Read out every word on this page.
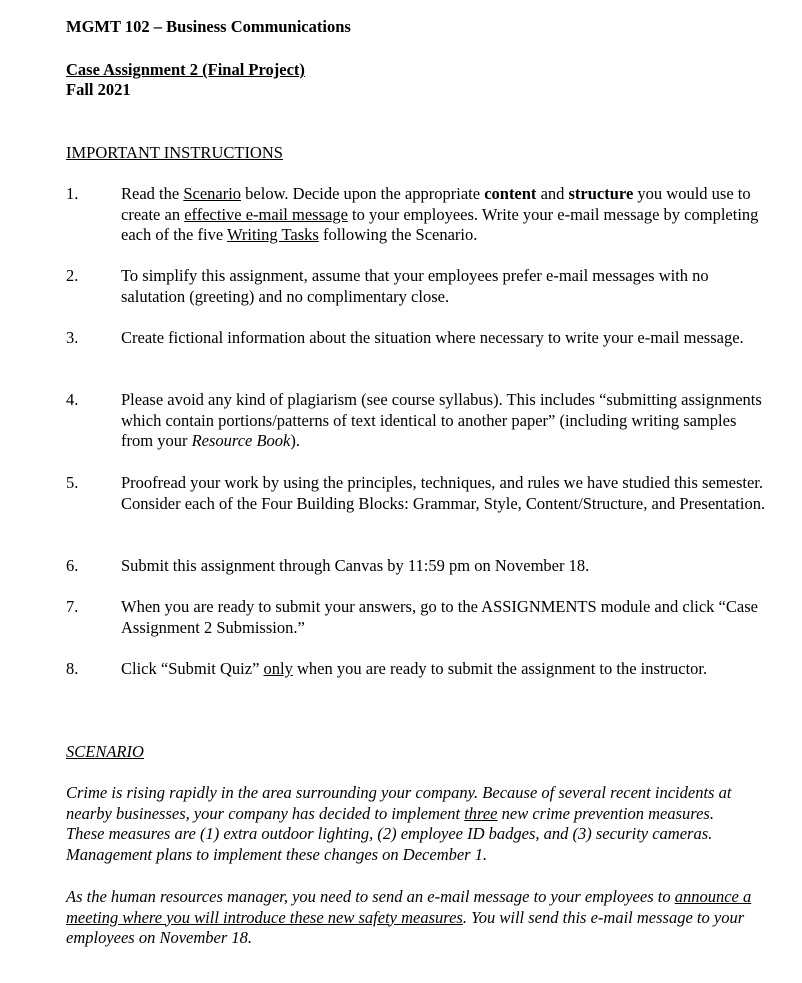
MGMT 102 – Business Communications
Case Assignment 2 (Final Project)
Fall 2021
IMPORTANT INSTRUCTIONS
1.	Read the Scenario below. Decide upon the appropriate content and structure you would use to create an effective e-mail message to your employees. Write your e-mail message by completing each of the five Writing Tasks following the Scenario.
2.	To simplify this assignment, assume that your employees prefer e-mail messages with no salutation (greeting) and no complimentary close.
3.	Create fictional information about the situation where necessary to write your e-mail message.
4.	Please avoid any kind of plagiarism (see course syllabus). This includes “submitting assignments which contain portions/patterns of text identical to another paper” (including writing samples from your Resource Book).
5.	Proofread your work by using the principles, techniques, and rules we have studied this semester. Consider each of the Four Building Blocks: Grammar, Style, Content/Structure, and Presentation.
6.	Submit this assignment through Canvas by 11:59 pm on November 18.
7.	When you are ready to submit your answers, go to the ASSIGNMENTS module and click “Case Assignment 2 Submission.”
8.	Click “Submit Quiz” only when you are ready to submit the assignment to the instructor.
SCENARIO
Crime is rising rapidly in the area surrounding your company. Because of several recent incidents at nearby businesses, your company has decided to implement three new crime prevention measures. These measures are (1) extra outdoor lighting, (2) employee ID badges, and (3) security cameras. Management plans to implement these changes on December 1.
As the human resources manager, you need to send an e-mail message to your employees to announce a meeting where you will introduce these new safety measures. You will send this e-mail message to your employees on November 18.
